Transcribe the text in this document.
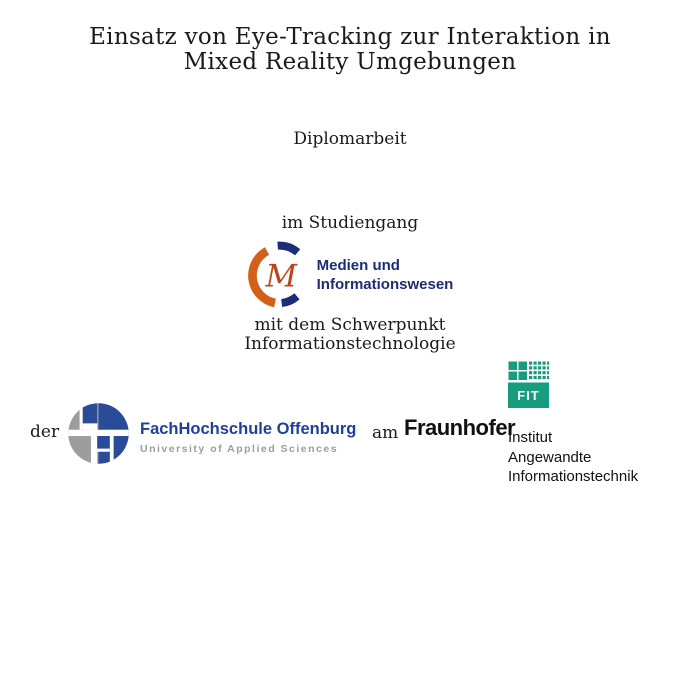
Einsatz von Eye-Tracking zur Interaktion in
Mixed Reality Umgebungen
Diplomarbeit
im Studiengang
M Medien und
Informationswesen
mit dem Schwerpunkt
Informationstechnologie
der	FachHochschule Offenburg
University of Applied Sciences
am Fraunhofer
FIT
Institut
Angewandte
Informationstechnik
